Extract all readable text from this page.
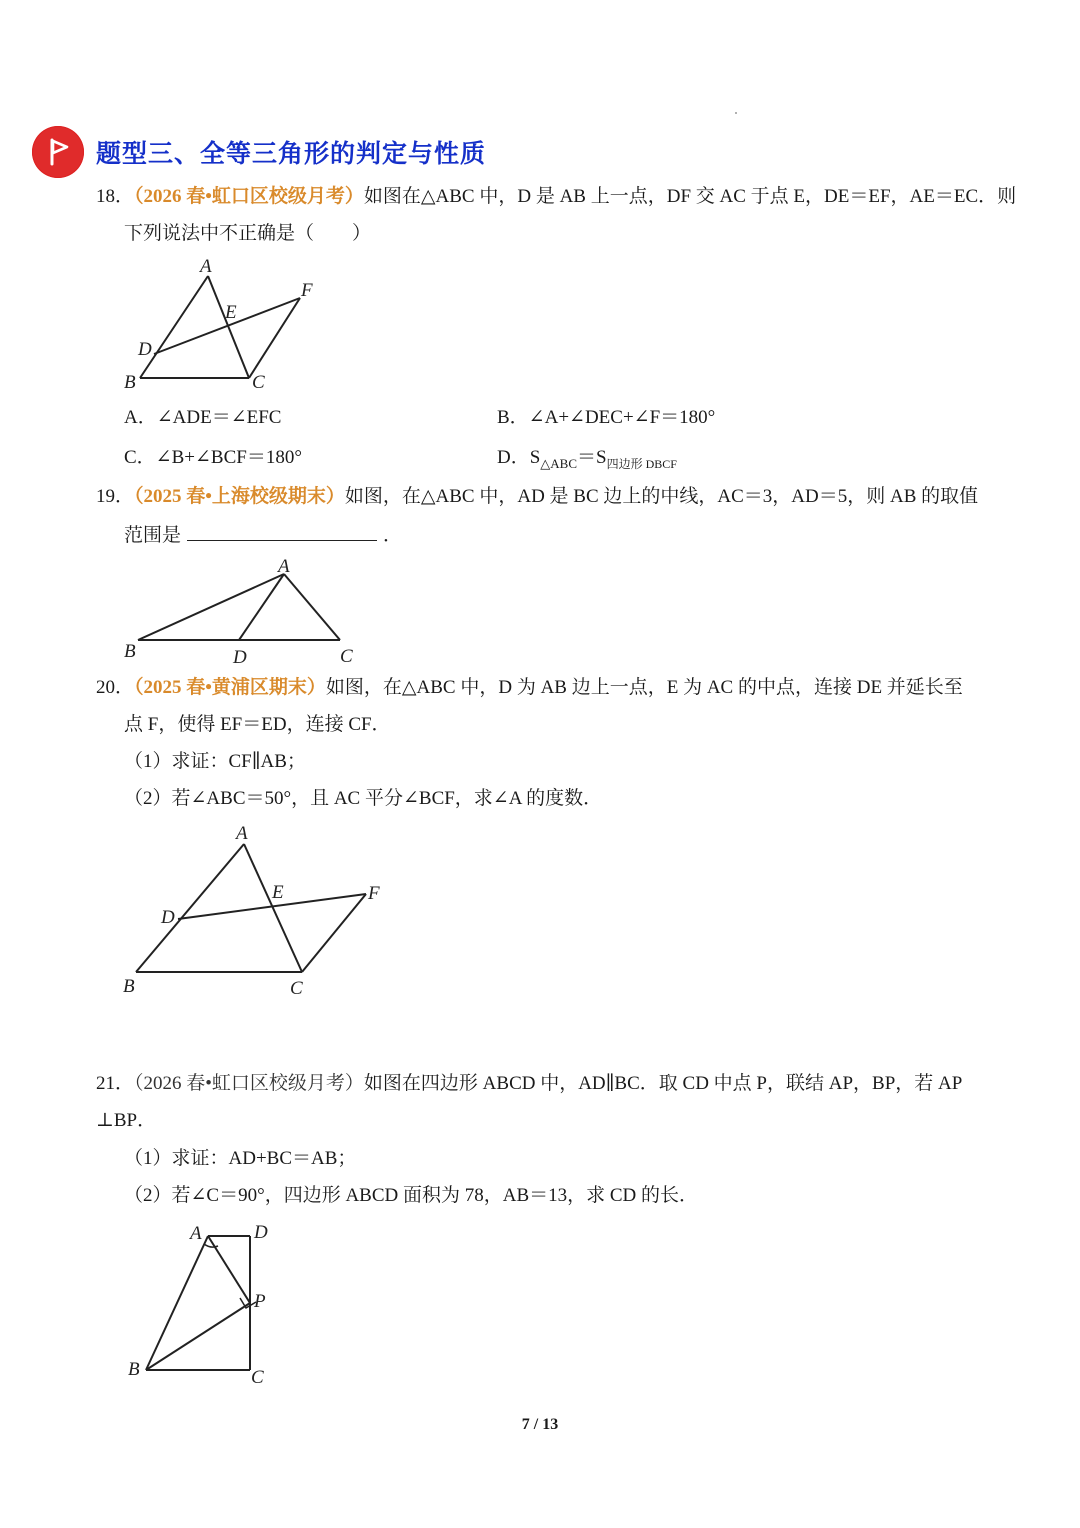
题型三、全等三角形的判定与性质
18．（2026 春•虹口区校级月考）如图在△ABC 中，D 是 AB 上一点，DF 交 AC 于点 E，DE＝EF，AE＝EC．则
下列说法中不正确是（　　）
A
B	C
D
E
F
A．∠ADE＝∠EFC	B．∠A+∠DEC+∠F＝180°
C．∠B+∠BCF＝180°	D．$S_{\triangle ABC}=S_{四边形 DBCF}$
19．（2025 春•上海校级期末）如图，在△ABC 中，AD 是 BC 边上的中线，AC＝3，AD＝5，则 AB 的取值
范围是	．
A
B	D	C
20．（2025 春•黄浦区期末）如图，在△ABC 中，D 为 AB 边上一点，E 为 AC 的中点，连接 DE 并延长至
点 F，使得 EF＝ED，连接 CF．
（1）求证：CF∥AB；
（2）若∠ABC＝50°，且 AC 平分∠BCF，求∠A 的度数．
A
B	C
D
E	F
21．（2026 春•虹口区校级月考）如图在四边形 ABCD 中，AD∥BC．取 CD 中点 P，联结 AP，BP，若 AP
⊥BP．
（1）求证：AD+BC＝AB；
（2）若∠C＝90°，四边形 ABCD 面积为 78，AB＝13，求 CD 的长．
A	D
P
B	C
7 / 13
